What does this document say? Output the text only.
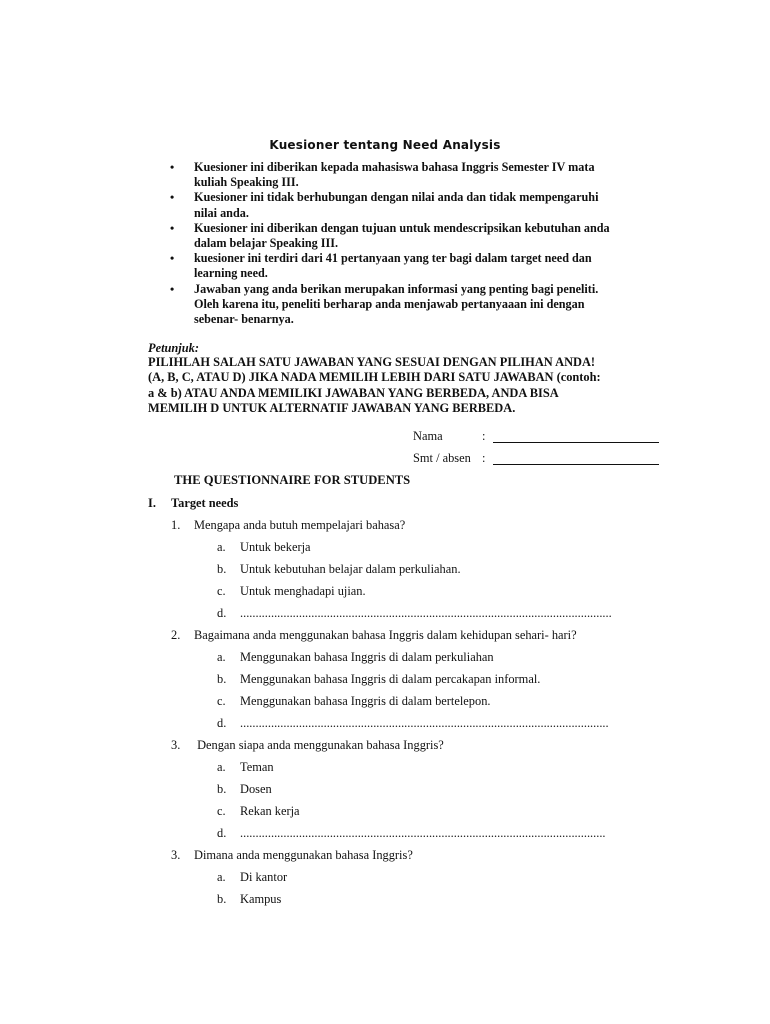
Kuesioner tentang Need Analysis
• Kuesioner ini diberikan kepada mahasiswa bahasa Inggris Semester IV mata
kuliah Speaking III.
• Kuesioner ini tidak berhubungan dengan nilai anda dan tidak mempengaruhi
nilai anda.
• Kuesioner ini diberikan dengan tujuan untuk mendescripsikan kebutuhan anda
dalam belajar Speaking III.
• kuesioner ini terdiri dari 41 pertanyaan yang ter bagi dalam target need dan
learning need.
• Jawaban yang anda berikan merupakan informasi yang penting bagi peneliti.
Oleh karena itu, peneliti berharap anda menjawab pertanyaaan ini dengan
sebenar- benarnya.
Petunjuk:
PILIHLAH SALAH SATU JAWABAN YANG SESUAI DENGAN PILIHAN ANDA!
(A, B, C, ATAU D) JIKA NADA MEMILIH LEBIH DARI SATU JAWABAN (contoh:
a & b) ATAU ANDA MEMILIKI JAWABAN YANG BERBEDA, ANDA BISA
MEMILIH D UNTUK ALTERNATIF JAWABAN YANG BERBEDA.
Nama	:
Smt / absen :
THE QUESTIONNAIRE FOR STUDENTS
I. Target needs
1. Mengapa anda butuh mempelajari bahasa?
a. Untuk bekerja
b. Untuk kebutuhan belajar dalam perkuliahan.
c. Untuk menghadapi ujian.
d. ........................................................................................................................
2. Bagaimana anda menggunakan bahasa Inggris dalam kehidupan sehari- hari?
a. Menggunakan bahasa Inggris di dalam perkuliahan
b. Menggunakan bahasa Inggris di dalam percakapan informal.
c. Menggunakan bahasa Inggris di dalam bertelepon.
d. .......................................................................................................................
3. Dengan siapa anda menggunakan bahasa Inggris?
a. Teman
b. Dosen
c. Rekan kerja
d. ......................................................................................................................
3. Dimana anda menggunakan bahasa Inggris?
a. Di kantor
b. Kampus
